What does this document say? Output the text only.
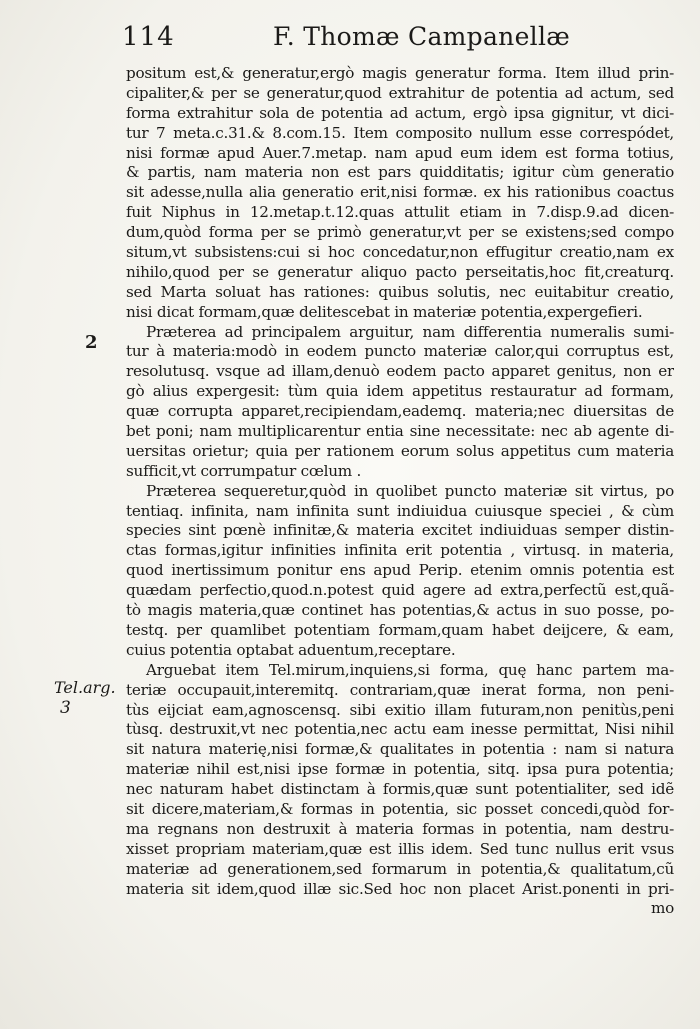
114	F. Thomæ Campanellæ
2
Tel.arg.
3
positum est,& generatur,ergò magis generatur forma. Item illud prin-
cipaliter,& per se generatur,quod extrahitur de potentia ad actum, sed
forma extrahitur sola de potentia ad actum, ergò ipsa gignitur, vt dici-
tur 7 meta.c.31.& 8.com.15. Item composito nullum esse correspódet,
nisi formæ apud Auer.7.metap. nam apud eum idem est forma totius,
& partis, nam materia non est pars quidditatis; igitur cùm generatio
sit adesse,nulla alia generatio erit,nisi formæ. ex his rationibus coactus
fuit Niphus in 12.metap.t.12.quas attulit etiam in 7.disp.9.ad dicen-
dum,quòd forma per se primò generatur,vt per se existens;sed compo
situm,vt subsistens:cui si hoc concedatur,non effugitur creatio,nam ex
nihilo,quod per se generatur aliquo pacto perseitatis,hoc fit,creaturq.
sed Marta soluat has rationes: quibus solutis, nec euitabitur creatio,
nisi dicat formam,quæ delitescebat in materiæ potentia,expergefieri.
Præterea ad principalem arguitur, nam differentia numeralis sumi-
tur à materia:modò in eodem puncto materiæ calor,qui corruptus est,
resolutusq. vsque ad illam,denuò eodem pacto apparet genitus, non er
gò alius expergesit: tùm quia idem appetitus restauratur ad formam,
quæ corrupta apparet,recipiendam,eademq. materia;nec diuersitas de
bet poni; nam multiplicarentur entia sine necessitate: nec ab agente di-
uersitas orietur; quia per rationem eorum solus appetitus cum materia
sufficit,vt corrumpatur cœlum .
Præterea sequeretur,quòd in quolibet puncto materiæ sit virtus, po
tentiaq. infinita, nam infinita sunt indiuidua cuiusque speciei , & cùm
species sint pœnè infinitæ,& materia excitet indiuiduas semper distin-
ctas formas,igitur infinities infinita erit potentia , virtusq. in materia,
quod inertissimum ponitur ens apud Perip. etenim omnis potentia est
quædam perfectio,quod.n.potest quid agere ad extra,perfectũ est,quã-
tò magis materia,quæ continet has potentias,& actus in suo posse, po-
testq. per quamlibet potentiam formam,quam habet deijcere, & eam,
cuius potentia optabat aduentum,receptare.
Arguebat item Tel.mirum,inquiens,si forma, quę hanc partem ma-
teriæ occupauit,interemitq. contrariam,quæ inerat forma, non peni-
tùs eijciat eam,agnoscensq. sibi exitio illam futuram,non penitùs,peni
tùsq. destruxit,vt nec potentia,nec actu eam inesse permittat, Nisi nihil
sit natura materię,nisi formæ,& qualitates in potentia : nam si natura
materiæ nihil est,nisi ipse formæ in potentia, sitq. ipsa pura potentia;
nec naturam habet distinctam à formis,quæ sunt potentialiter, sed idẽ
sit dicere,materiam,& formas in potentia, sic posset concedi,quòd for-
ma regnans non destruxit à materia formas in potentia, nam destru-
xisset propriam materiam,quæ est illis idem. Sed tunc nullus erit vsus
materiæ ad generationem,sed formarum in potentia,& qualitatum,cũ
materia sit idem,quod illæ sic.Sed hoc non placet Arist.ponenti in pri-
mo
